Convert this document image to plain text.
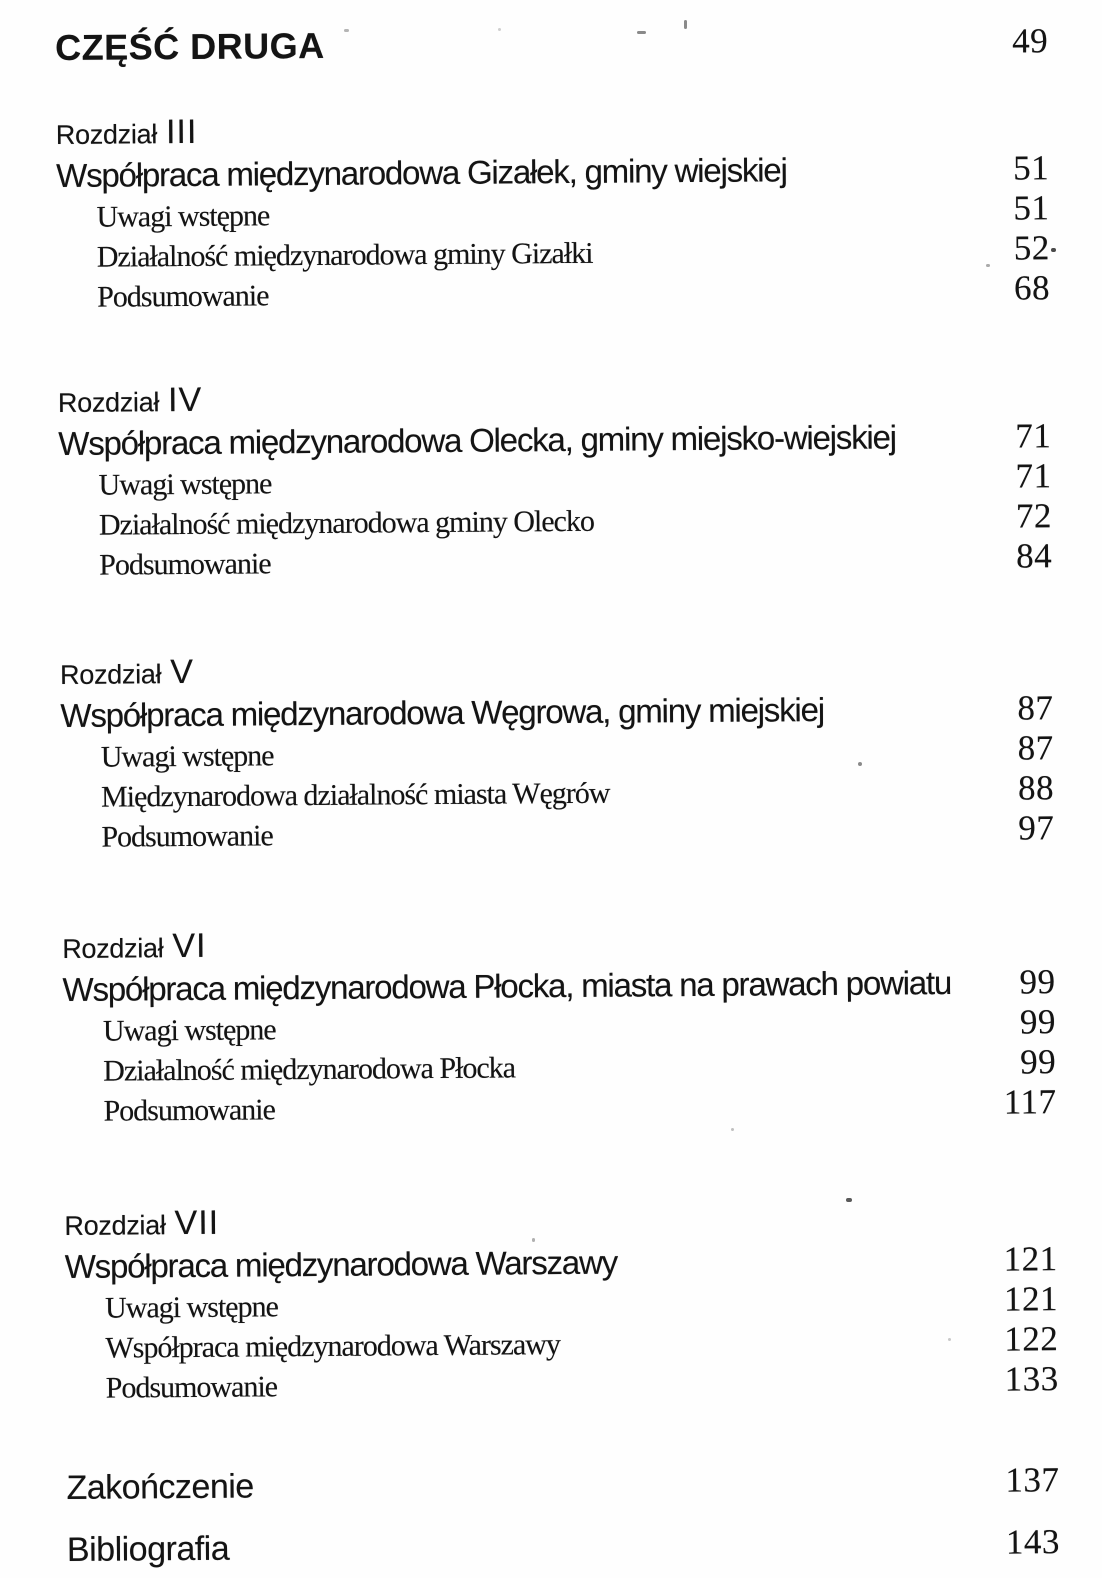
CZĘŚĆ DRUGA	49
Rozdział III
Współpraca międzynarodowa Gizałek, gminy wiejskiej	51
Uwagi wstępne	51
Działalność międzynarodowa gminy Gizałki	52
Podsumowanie	68
Rozdział IV
Współpraca międzynarodowa Olecka, gminy miejsko-wiejskiej	71
Uwagi wstępne	71
Działalność międzynarodowa gminy Olecko	72
Podsumowanie	84
Rozdział V
Współpraca międzynarodowa Węgrowa, gminy miejskiej	87
Uwagi wstępne	87
Międzynarodowa działalność miasta Węgrów	88
Podsumowanie	97
Rozdział VI
Współpraca międzynarodowa Płocka, miasta na prawach powiatu 99
Uwagi wstępne	99
Działalność międzynarodowa Płocka	99
Podsumowanie	117
Rozdział VII
Współpraca międzynarodowa Warszawy	121
Uwagi wstępne	121
Współpraca międzynarodowa Warszawy	122
Podsumowanie	133
Zakończenie	137
Bibliografia	143
